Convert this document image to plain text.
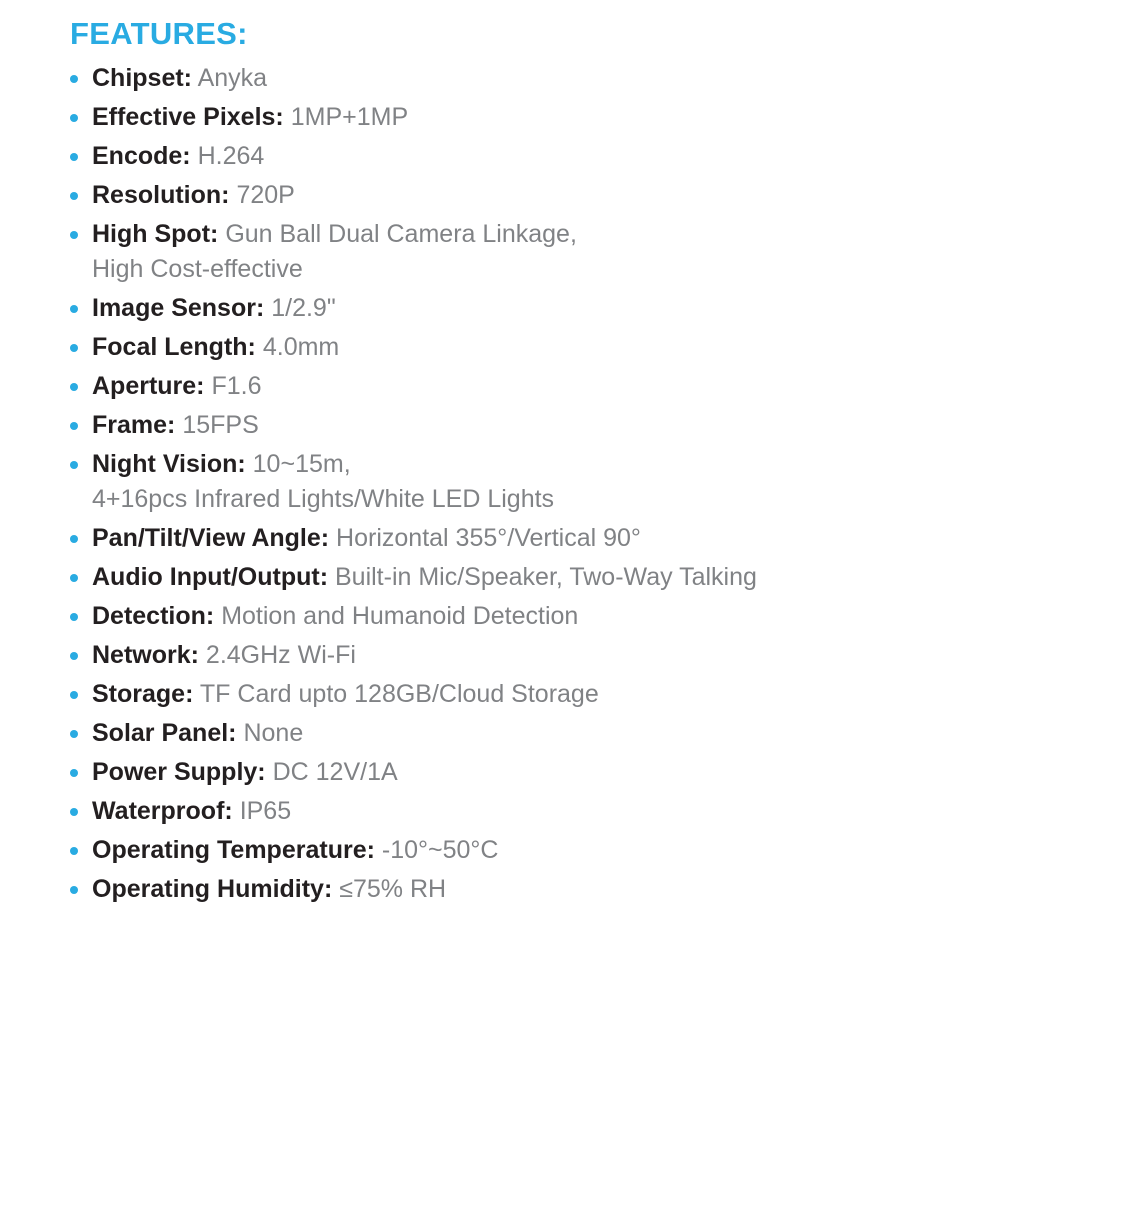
FEATURES:
Chipset: Anyka
Effective Pixels: 1MP+1MP
Encode: H.264
Resolution: 720P
High Spot: Gun Ball Dual Camera Linkage,
High Cost-effective
Image Sensor: 1/2.9"
Focal Length: 4.0mm
Aperture: F1.6
Frame: 15FPS
Night Vision: 10~15m,
4+16pcs Infrared Lights/White LED Lights
Pan/Tilt/View Angle: Horizontal 355°/Vertical 90°
Audio Input/Output: Built-in Mic/Speaker, Two-Way Talking
Detection: Motion and Humanoid Detection
Network: 2.4GHz Wi-Fi
Storage: TF Card upto 128GB/Cloud Storage
Solar Panel: None
Power Supply: DC 12V/1A
Waterproof: IP65
Operating Temperature: -10°~50°C
Operating Humidity: ≤75% RH
